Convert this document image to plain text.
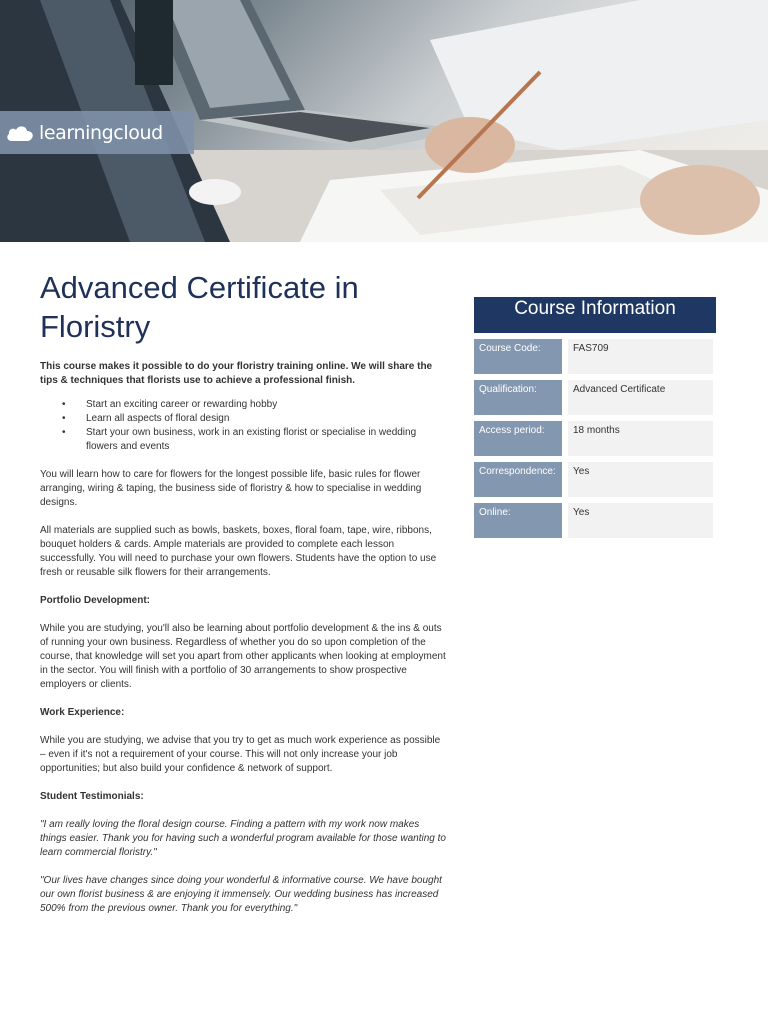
learningcloud
Advanced Certificate in Floristry

This course makes it possible to do your floristry training online. We will share the tips & techniques that florists use to achieve a professional finish.

• Start an exciting career or rewarding hobby
• Learn all aspects of floral design
• Start your own business, work in an existing florist or specialise in wedding flowers and events

You will learn how to care for flowers for the longest possible life, basic rules for flower arranging, wiring & taping, the business side of floristry & how to specialise in wedding designs.

All materials are supplied such as bowls, baskets, boxes, floral foam, tape, wire, ribbons, bouquet holders & cards. Ample materials are provided to complete each lesson successfully. You will need to purchase your own flowers. Students have the option to use fresh or reusable silk flowers for their arrangements.

Portfolio Development:

While you are studying, you'll also be learning about portfolio development & the ins & outs of running your own business. Regardless of whether you do so upon completion of the course, that knowledge will set you apart from other applicants when looking at employment in the sector. You will finish with a portfolio of 30 arrangements to show prospective employers or clients.

Work Experience:

While you are studying, we advise that you try to get as much work experience as possible – even if it's not a requirement of your course. This will not only increase your job opportunities; but also build your confidence & network of support.

Student Testimonials:

"I am really loving the floral design course. Finding a pattern with my work now makes things easier. Thank you for having such a wonderful program available for those wanting to learn commercial floristry."

"Our lives have changes since doing your wonderful & informative course. We have bought our own florist business & are enjoying it immensely. Our wedding business has increased 500% from the previous owner. Thank you for everything."

Course Information
Course Code:	FAS709
Qualification:	Advanced Certificate
Access period:	18 months
Correspondence:	Yes
Online:	Yes
